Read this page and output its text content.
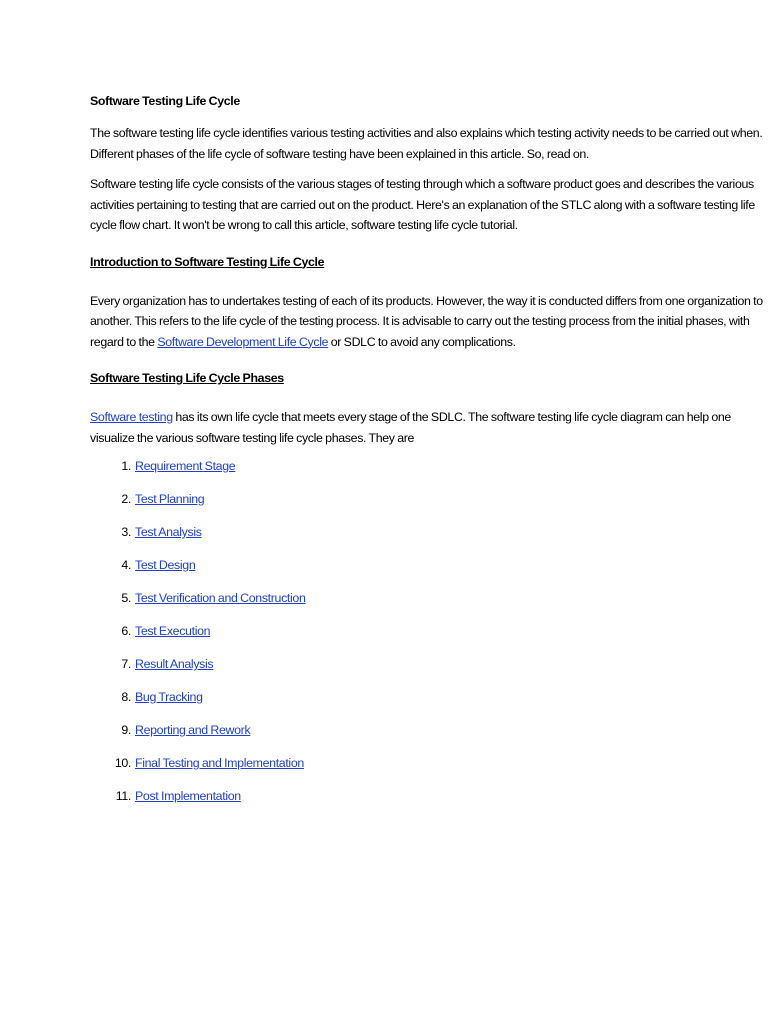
Software Testing Life Cycle

The software testing life cycle identifies various testing activities and also explains which testing activity needs to be carried out when. Different phases of the life cycle of software testing have been explained in this article. So, read on.

Software testing life cycle consists of the various stages of testing through which a software product goes and describes the various activities pertaining to testing that are carried out on the product. Here's an explanation of the STLC along with a software testing life cycle flow chart. It won't be wrong to call this article, software testing life cycle tutorial.

Introduction to Software Testing Life Cycle

Every organization has to undertakes testing of each of its products. However, the way it is conducted differs from one organization to another. This refers to the life cycle of the testing process. It is advisable to carry out the testing process from the initial phases, with regard to the Software Development Life Cycle or SDLC to avoid any complications.

Software Testing Life Cycle Phases

Software testing has its own life cycle that meets every stage of the SDLC. The software testing life cycle diagram can help one visualize the various software testing life cycle phases. They are

1. Requirement Stage
2. Test Planning
3. Test Analysis
4. Test Design
5. Test Verification and Construction
6. Test Execution
7. Result Analysis
8. Bug Tracking
9. Reporting and Rework
10. Final Testing and Implementation
11. Post Implementation
